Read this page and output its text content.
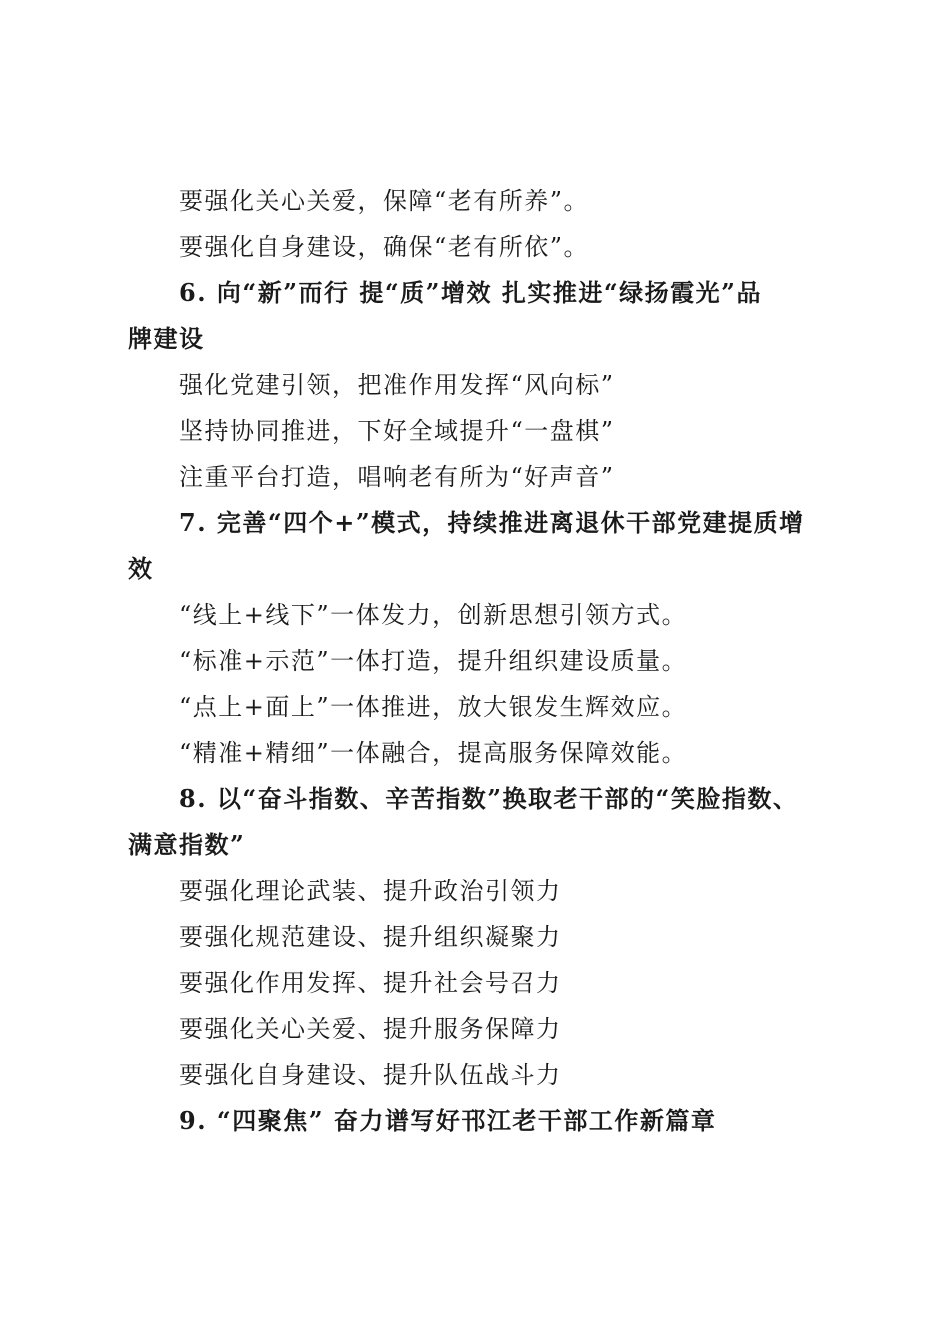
要强化关心关爱，保障“老有所养”。
要强化自身建设，确保“老有所依”。
6. 向“新”而行 提“质”增效 扎实推进“绿扬霞光”品
牌建设
强化党建引领，把准作用发挥“风向标”
坚持协同推进，下好全域提升“一盘棋”
注重平台打造，唱响老有所为“好声音”
7. 完善“四个+”模式，持续推进离退休干部党建提质增
效
“线上+线下”一体发力，创新思想引领方式。
“标准+示范”一体打造，提升组织建设质量。
“点上+面上”一体推进，放大银发生辉效应。
“精准+精细”一体融合，提高服务保障效能。
8. 以“奋斗指数、辛苦指数”换取老干部的“笑脸指数、
满意指数”
要强化理论武装、提升政治引领力
要强化规范建设、提升组织凝聚力
要强化作用发挥、提升社会号召力
要强化关心关爱、提升服务保障力
要强化自身建设、提升队伍战斗力
9. “四聚焦” 奋力谱写好邗江老干部工作新篇章
